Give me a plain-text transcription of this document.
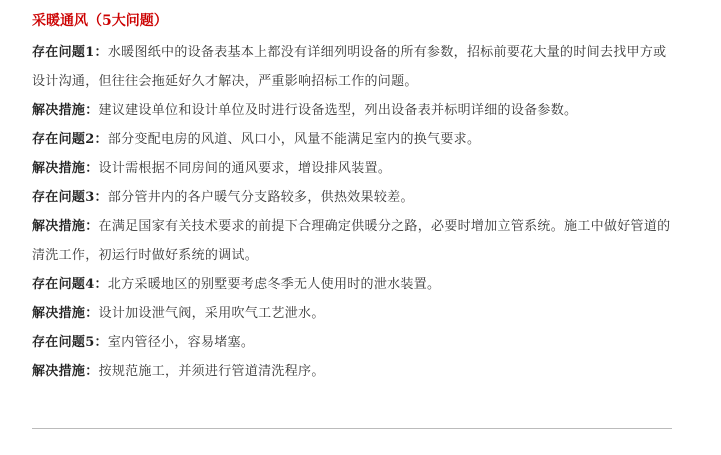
采暖通风（5大问题）

存在问题1：水暖图纸中的设备表基本上都没有详细列明设备的所有参数，招标前要花大量的时间去找甲方或设计沟通，但往往会拖延好久才解决，严重影响招标工作的问题。

解决措施：建议建设单位和设计单位及时进行设备选型，列出设备表并标明详细的设备参数。

存在问题2：部分变配电房的风道、风口小，风量不能满足室内的换气要求。

解决措施：设计需根据不同房间的通风要求，增设排风装置。

存在问题3：部分管井内的各户暖气分支路较多，供热效果较差。

解决措施：在满足国家有关技术要求的前提下合理确定供暖分之路，必要时增加立管系统。施工中做好管道的清洗工作，初运行时做好系统的调试。

存在问题4：北方采暖地区的别墅要考虑冬季无人使用时的泄水装置。

解决措施：设计加设泄气阀，采用吹气工艺泄水。

存在问题5：室内管径小，容易堵塞。

解决措施：按规范施工，并须进行管道清洗程序。
